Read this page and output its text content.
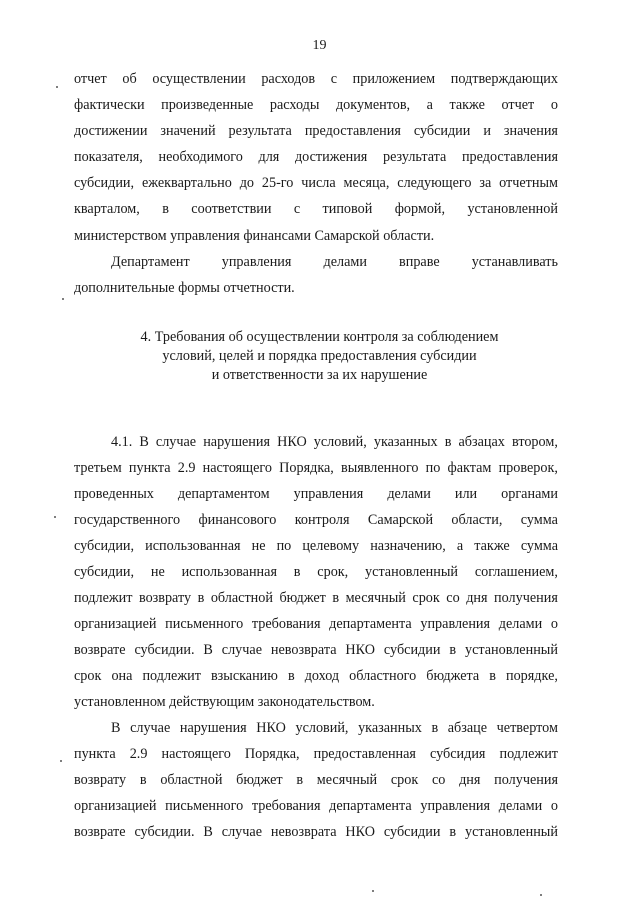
19
отчет об осуществлении расходов с приложением подтверждающих
фактически произведенные расходы документов, а также отчет о
достижении значений результата предоставления субсидии и значения
показателя, необходимого для достижения результата предоставления
субсидии, ежеквартально до 25-го числа месяца, следующего за отчетным
кварталом, в соответствии с типовой формой, установленной
министерством управления финансами Самарской области.
Департамент управления делами вправе устанавливать
дополнительные формы отчетности.
4. Требования об осуществлении контроля за соблюдением
условий, целей и порядка предоставления субсидии
и ответственности за их нарушение
4.1. В случае нарушения НКО условий, указанных в абзацах втором,
третьем пункта 2.9 настоящего Порядка, выявленного по фактам проверок,
проведенных департаментом управления делами или органами
государственного финансового контроля Самарской области, сумма
субсидии, использованная не по целевому назначению, а также сумма
субсидии, не использованная в срок, установленный соглашением,
подлежит возврату в областной бюджет в месячный срок со дня получения
организацией письменного требования департамента управления делами о
возврате субсидии. В случае невозврата НКО субсидии в установленный
срок она подлежит взысканию в доход областного бюджета в порядке,
установленном действующим законодательством.
В случае нарушения НКО условий, указанных в абзаце четвертом
пункта 2.9 настоящего Порядка, предоставленная субсидия подлежит
возврату в областной бюджет в месячный срок со дня получения
организацией письменного требования департамента управления делами о
возврате субсидии. В случае невозврата НКО субсидии в установленный
